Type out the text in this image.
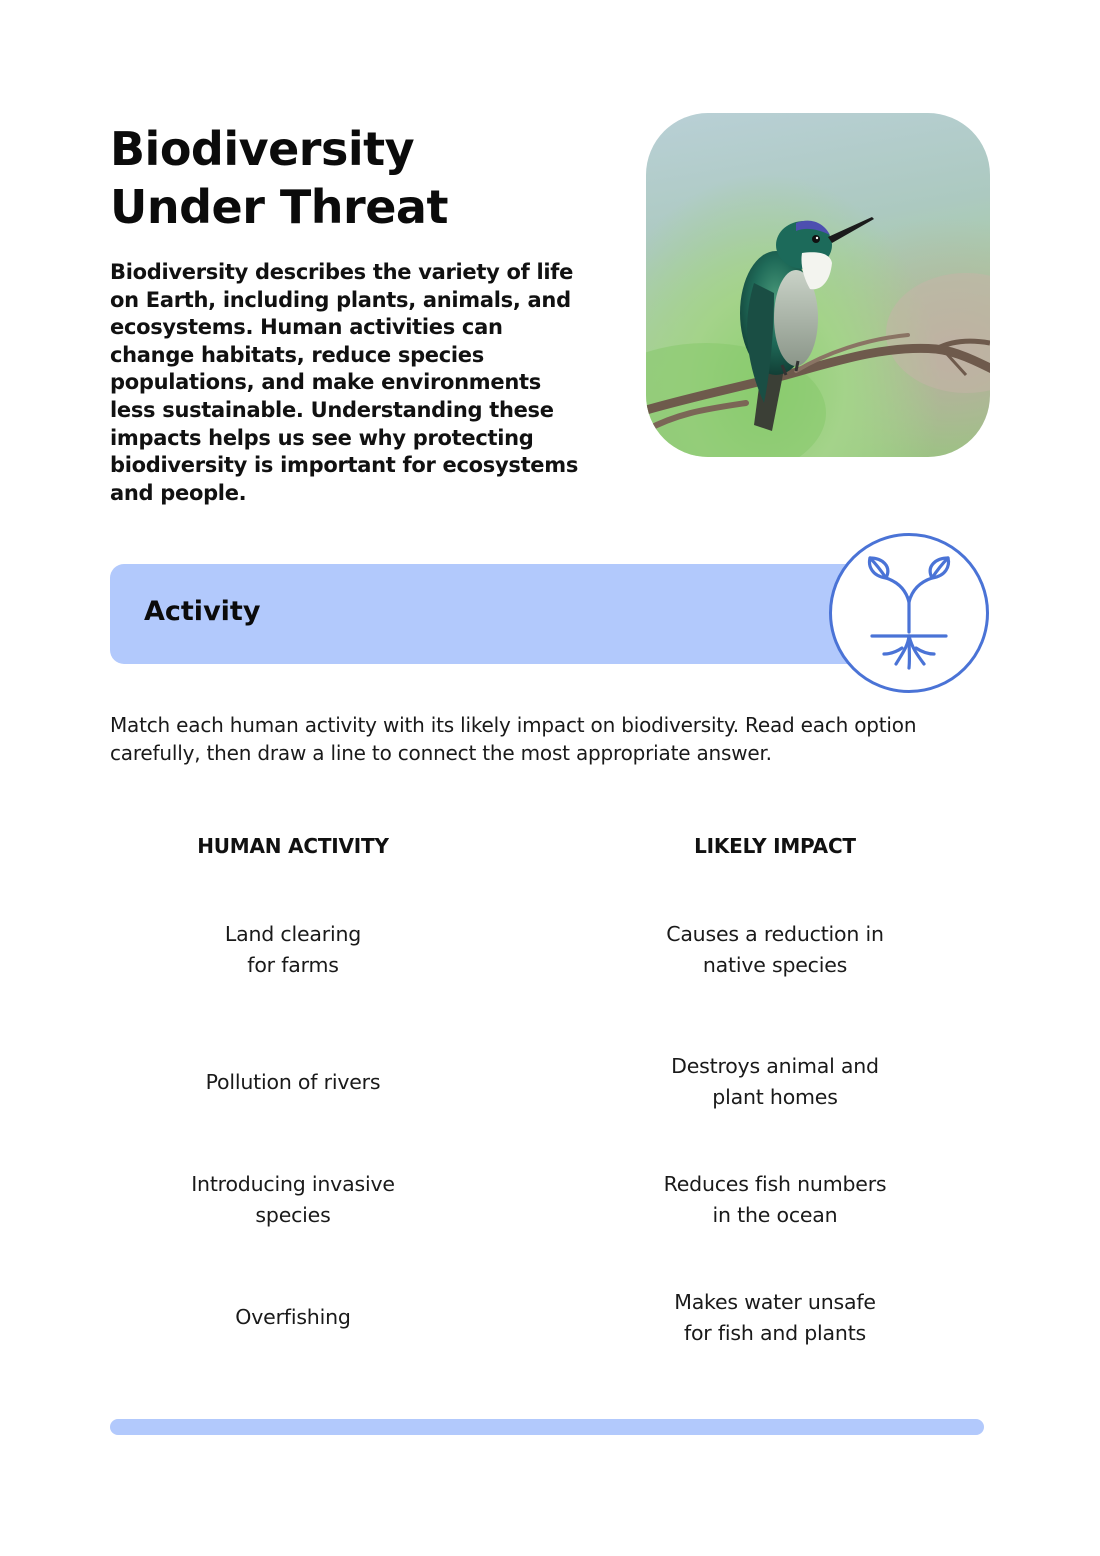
Biodiversity
Under Threat

Biodiversity describes the variety of life on Earth, including plants, animals, and ecosystems. Human activities can change habitats, reduce species populations, and make environments less sustainable. Understanding these impacts helps us see why protecting biodiversity is important for ecosystems and people.

Activity

Match each human activity with its likely impact on biodiversity. Read each option carefully, then draw a line to connect the most appropriate answer.

HUMAN ACTIVITY	LIKELY IMPACT

Land clearing
for farms

Pollution of rivers

Introducing invasive
species

Overfishing

Causes a reduction in
native species

Destroys animal and
plant homes

Reduces fish numbers
in the ocean

Makes water unsafe
for fish and plants
